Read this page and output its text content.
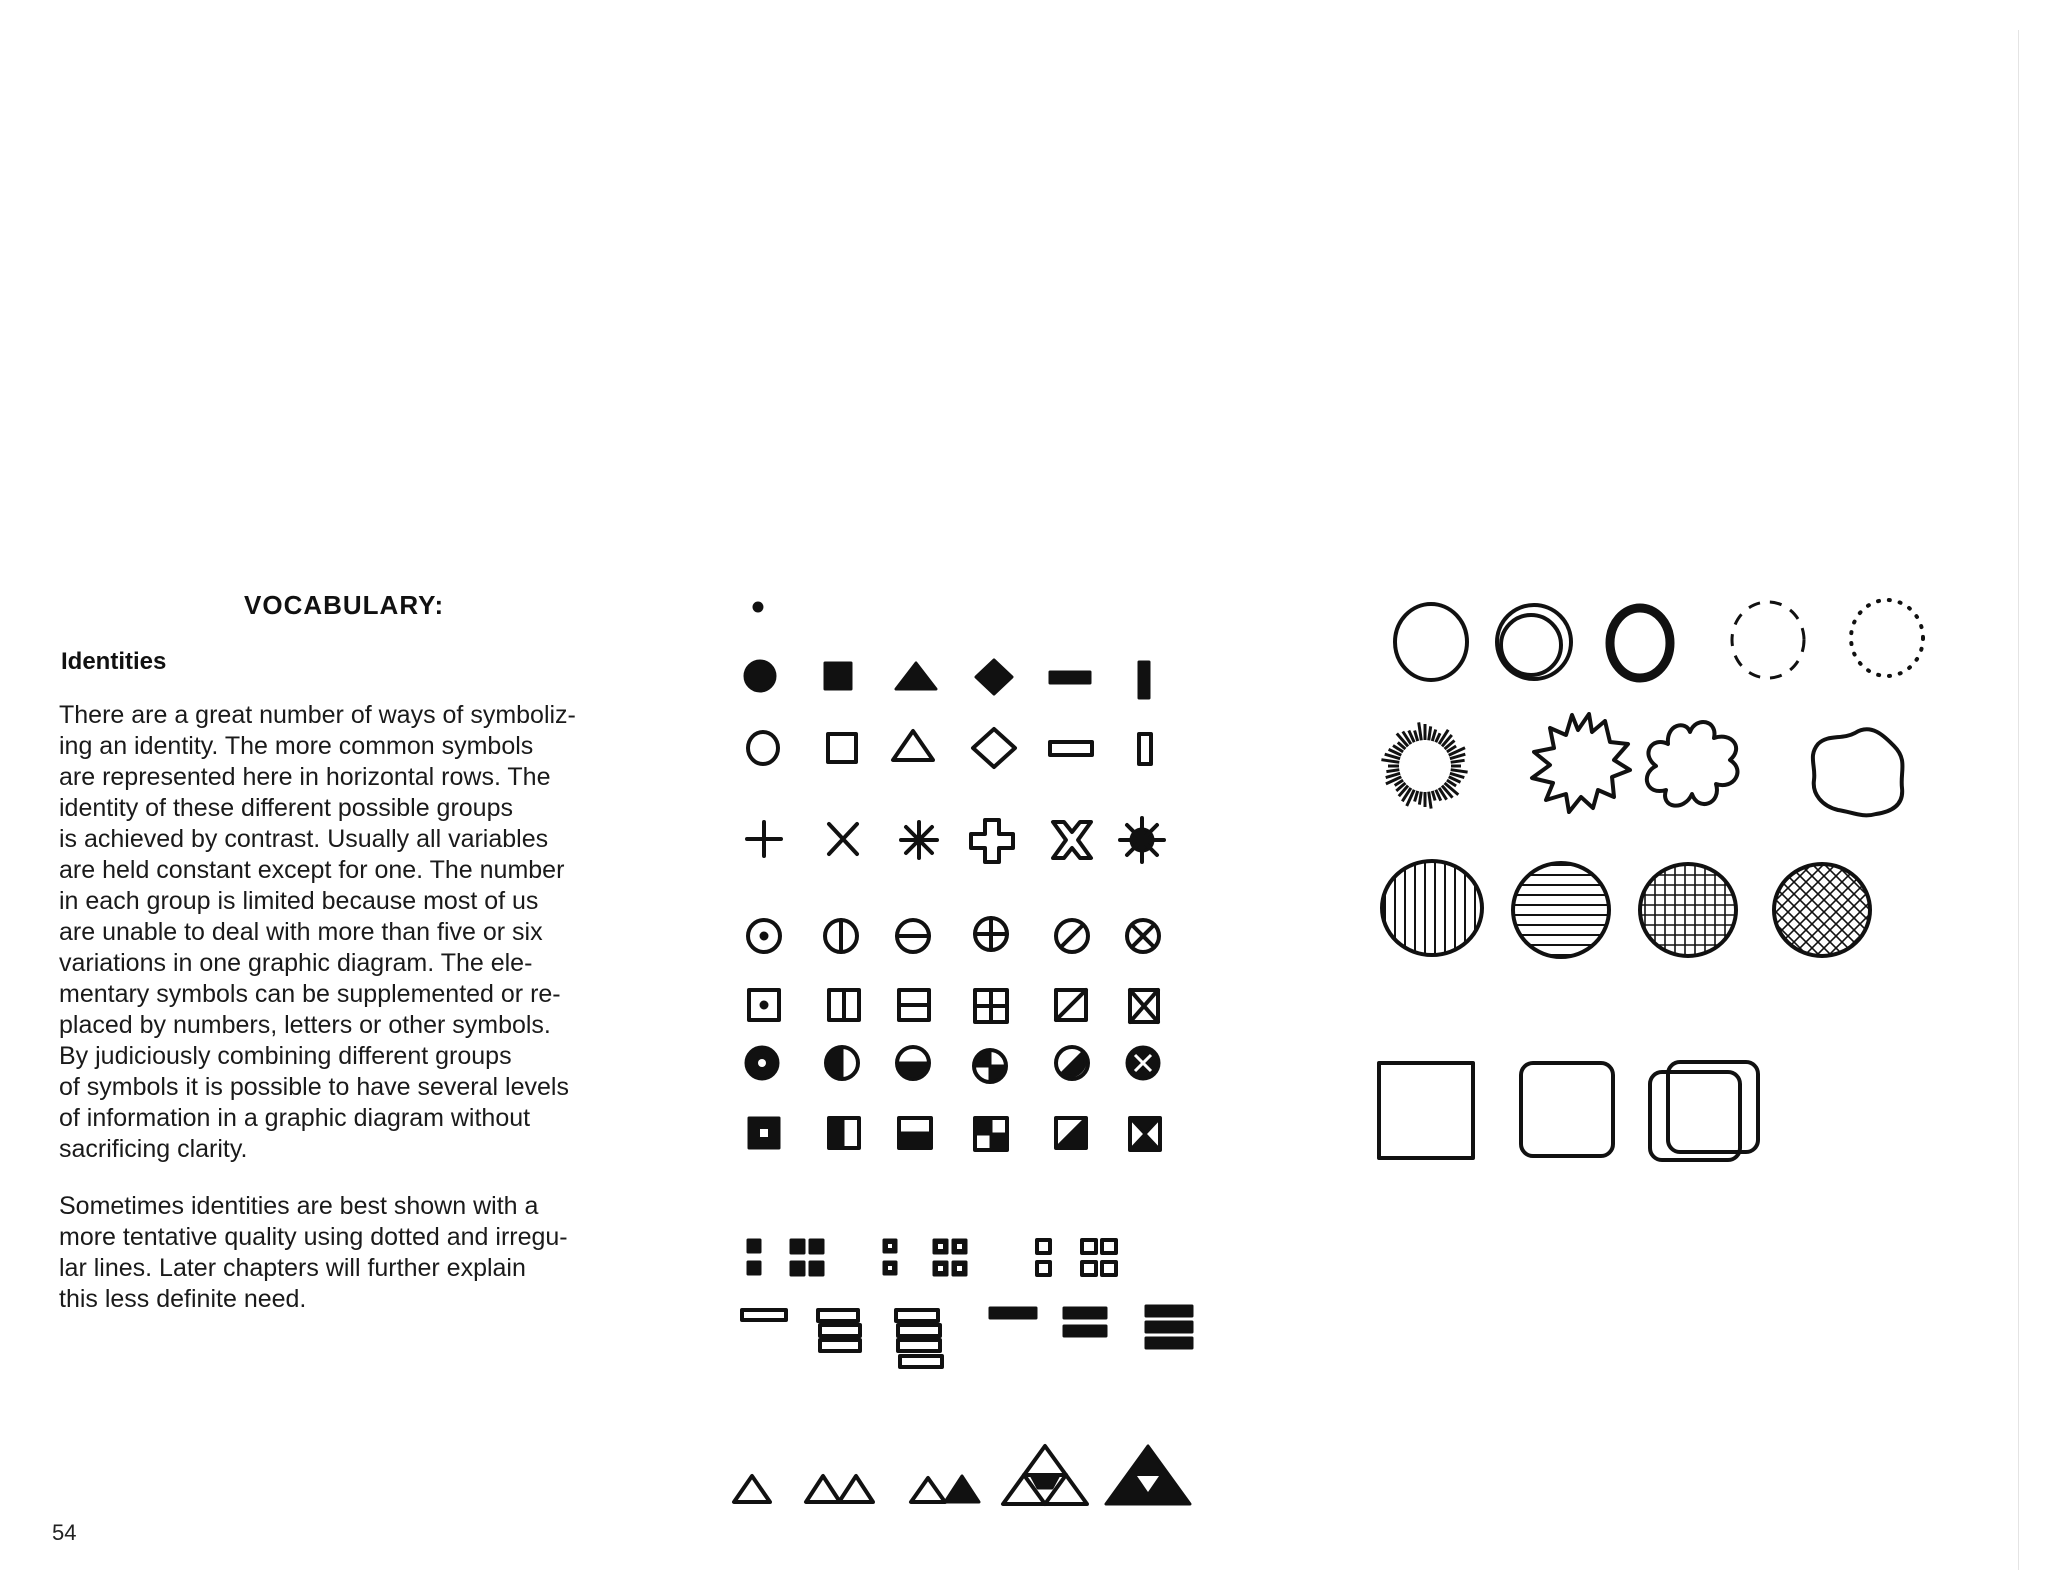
VOCABULARY:
Identities
There are a great number of ways of symboliz-
ing an identity. The more common symbols
are represented here in horizontal rows. The
identity of these different possible groups
is achieved by contrast. Usually all variables
are held constant except for one. The number
in each group is limited because most of us
are unable to deal with more than five or six
variations in one graphic diagram. The ele-
mentary symbols can be supplemented or re-
placed by numbers, letters or other symbols.
By judiciously combining different groups
of symbols it is possible to have several levels
of information in a graphic diagram without
sacrificing clarity.
Sometimes identities are best shown with a
more tentative quality using dotted and irregu-
lar lines. Later chapters will further explain
this less definite need.
54
